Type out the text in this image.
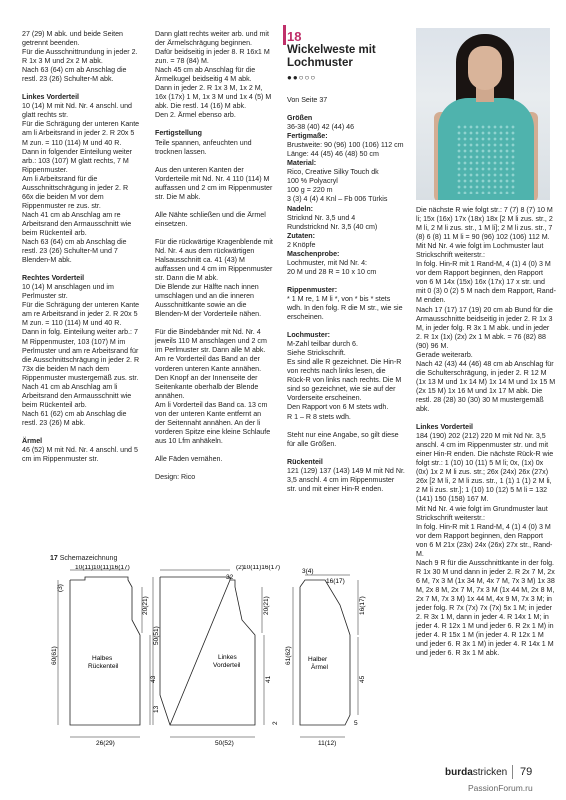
27 (29) M abk. und beide Seiten getrennt beenden.
Für die Ausschnittrundung in jeder 2. R 1x 3 M und 2x 2 M abk.
Nach 63 (64) cm ab Anschlag die restl. 23 (26) Schulter-M abk.
Linkes Vorderteil
10 (14) M mit Nd. Nr. 4 anschl. und glatt rechts str.
Für die Schrägung der unteren Kante am li Arbeitsrand in jeder 2. R 20x 5 M zun. = 110 (114) M und 40 R.
Dann in folgender Einteilung weiter arb.: 103 (107) M glatt rechts, 7 M Rippenmuster.
Am li Arbeitsrand für die Ausschnittschrägung in jeder 2. R 66x die beiden M vor dem Rippenmuster re zus. str.
Nach 41 cm ab Anschlag am re Arbeitsrand den Armausschnitt wie beim Rückenteil arb.
Nach 63 (64) cm ab Anschlag die restl. 23 (26) Schulter-M und 7 Blenden-M abk.
Rechtes Vorderteil
10 (14) M anschlagen und im Perlmuster str.
Für die Schrägung der unteren Kante am re Arbeitsrand in jeder 2. R 20x 5 M zun. = 110 (114) M und 40 R.
Dann in folg. Einteilung weiter arb.: 7 M Rippenmuster, 103 (107) M im Perlmuster und am re Arbeitsrand für die Ausschnittschrägung in jeder 2. R 73x die beiden M nach dem Rippenmuster mustergemäß zus. str.
Nach 41 cm ab Anschlag am li Arbeitsrand den Armausschnitt wie beim Rückenteil arb.
Nach 61 (62) cm ab Anschlag die restl. 23 (26) M abk.
Ärmel
46 (52) M mit Nd. Nr. 4 anschl. und 5 cm im Rippenmuster str.
Dann glatt rechts weiter arb. und mit der Ärmelschrägung beginnen.
Dafür beidseitig in jeder 8. R 16x1 M zun. = 78 (84) M.
Nach 45 cm ab Anschlag für die Ärmelkugel beidseitig 4 M abk.
Dann in jeder 2. R 1x 3 M, 1x 2 M, 16x (17x) 1 M, 1x 3 M und 1x 4 (5) M abk. Die restl. 14 (16) M abk.
Den 2. Ärmel ebenso arb.
Fertigstellung
Teile spannen, anfeuchten und trocknen lassen.
Aus den unteren Kanten der Vorderteile mit Nd. Nr. 4 110 (114) M auffassen und 2 cm im Rippenmuster str. Die M abk.
Alle Nähte schließen und die Ärmel einsetzen.
Für die rückwärtige Kragenblende mit Nd. Nr. 4 aus dem rückwärtigen Halsausschnitt ca. 41 (43) M auffassen und 4 cm im Rippenmuster str. Dann die M abk.
Die Blende zur Hälfte nach innen umschlagen und an die inneren Ausschnittkante sowie an die Blenden-M der Vorderteile nähen.
Für die Bindebänder mit Nd. Nr. 4 jeweils 110 M anschlagen und 2 cm im Perlmuster str. Dann alle M abk.
Am re Vorderteil das Band an der vorderen unteren Kante annähen.
Den Knopf an der Innenseite der Seitenkante oberhalb der Blende annähen.
Am li Vorderteil das Band ca. 13 cm von der unteren Kante entfernt an der Seitennaht annähen. An der li vorderen Spitze eine kleine Schlaufe aus 10 Lfm anhäkeln.
Alle Fäden vernähen.
Design: Rico
18
Wickelweste mit Lochmuster
●●○○○
Von Seite 37
Größen
36-38 (40) 42 (44) 46
Fertigmaße:
Brustweite: 90 (96) 100 (106) 112 cm
Länge: 44 (45) 46 (48) 50 cm
Material:
Rico, Creative Silky Touch dk
100 % Polyacryl
100 g = 220 m
3 (3) 4 (4) 4 Knl – Fb 006 Türkis
Nadeln:
Stricknd Nr. 3,5 und 4
Rundstricknd Nr. 3,5 (40 cm)
Zutaten:
2 Knöpfe
Maschenprobe:
Lochmuster, mit Nd Nr. 4:
20 M und 28 R = 10 x 10 cm
Rippenmuster:
* 1 M re, 1 M li *, von * bis * stets wdh. In den folg. R die M str., wie sie erscheinen.
Lochmuster:
M-Zahl teilbar durch 6.
Siehe Strickschrift.
Es sind alle R gezeichnet. Die Hin-R von rechts nach links lesen, die Rück-R von links nach rechts. Die M sind so gezeichnet, wie sie auf der Vorderseite erscheinen.
Den Rapport von 6 M stets wdh.
R 1 – R 8 stets wdh.
Steht nur eine Angabe, so gilt diese für alle Größen.
Rückenteil
121 (129) 137 (143) 149 M mit Nd Nr. 3,5 anschl. 4 cm im Rippenmuster str. und mit einer Hin-R enden.
Die nächste R wie folgt str.: 7 (7) 8 (7) 10 M li; 15x (16x) 17x (18x) 18x [2 M li zus. str., 2 M li, 2 M li zus. str., 1 M li]; 2 M li zus. str., 7 (8) 6 (8) 11 M li = 90 (96) 102 (106) 112 M.
Mit Nd Nr. 4 wie folgt im Lochmuster laut Strickschrift weiterstr.:
In folg. Hin-R mit 1 Rand-M, 4 (1) 4 (0) 3 M vor dem Rapport beginnen, den Rapport von 6 M 14x (15x) 16x (17x) 17 x str. und mit 0 (3) 0 (2) 5 M nach dem Rapport, Rand-M enden.
Nach 17 (17) 17 (19) 20 cm ab Bund für die Armausschnitte beidseitig in jeder 2. R 1x 3 M, in jeder folg. R 3x 1 M abk. und in jeder 2. R 1x (1x) (2x) 2x 1 M abk. = 76 (82) 88 (90) 96 M.
Gerade weiterarb.
Nach 42 (43) 44 (46) 48 cm ab Anschlag für die Schulterschrägung, in jeder 2. R 12 M (1x 13 M und 1x 14 M) 1x 14 M und 1x 15 M (2x 15 M) 1x 16 M und 1x 17 M abk. Die restl. 28 (28) 30 (30) 30 M mustergemäß abk.
Linkes Vorderteil
184 (190) 202 (212) 220 M mit Nd Nr. 3,5 anschl. 4 cm im Rippenmuster str. und mit einer Hin-R enden. Die nächste Rück-R wie folgt str.: 1 (10) 10 (11) 5 M li; 0x, (1x) 0x (0x) 1x 2 M li zus. str.; 26x (24x) 26x (27x) 26x [2 M li, 2 M li zus. str., 1 (1) 1 (1) 2 M li, 2 M li zus. str.]; 1 (10) 10 (12) 5 M li = 132 (141) 150 (158) 167 M.
Mit Nd Nr. 4 wie folgt im Grundmuster laut Strickschrift weiterstr.:
In folg. Hin-R mit 1 Rand-M, 4 (1) 4 (0) 3 M vor dem Rapport beginnen, den Rapport von 6 M 21x (23x) 24x (26x) 27x str., Rand-M.
Nach 9 R für die Ausschnittkante in der folg. R 1x 30 M und dann in jeder 2. R 2x 7 M, 2x 6 M, 7x 3 M (1x 34 M, 4x 7 M, 7x 3 M) 1x 38 M, 2x 8 M, 2x 7 M, 7x 3 M (1x 44 M, 2x 8 M, 2x 7 M, 7x 3 M) 1x 44 M, 4x 9 M, 7x 3 M; in jeder folg. R 7x (7x) 7x (7x) 5x 1 M; in jeder 2. R 3x 1 M, dann in jeder 4. R 14x 1 M; in jeder 4. R 12x 1 M und jeder 6. R 2x 1 M) in jeder 4. R 15x 1 M (in jeder 4. R 12x 1 M und jeder 6. R 3x 1 M) in jeder 4. R 14x 1 M und jeder 6. R 3x 1 M abk.
17 Schemazeichnung
Halbes
Rückenteil
(3)
10(11) 10(11) 16(17)
60(61)
20(21)
43
26(29)
Linkes
Vorderteil
32
(2) 10(11)16(17)
50(51)
13
20(21)
41
50(52)
2
Halber
Ärmel
3(4)
16(17)
61(62)
16(17)
45
11(12)
5
burdastricken 79
PassionForum.ru
